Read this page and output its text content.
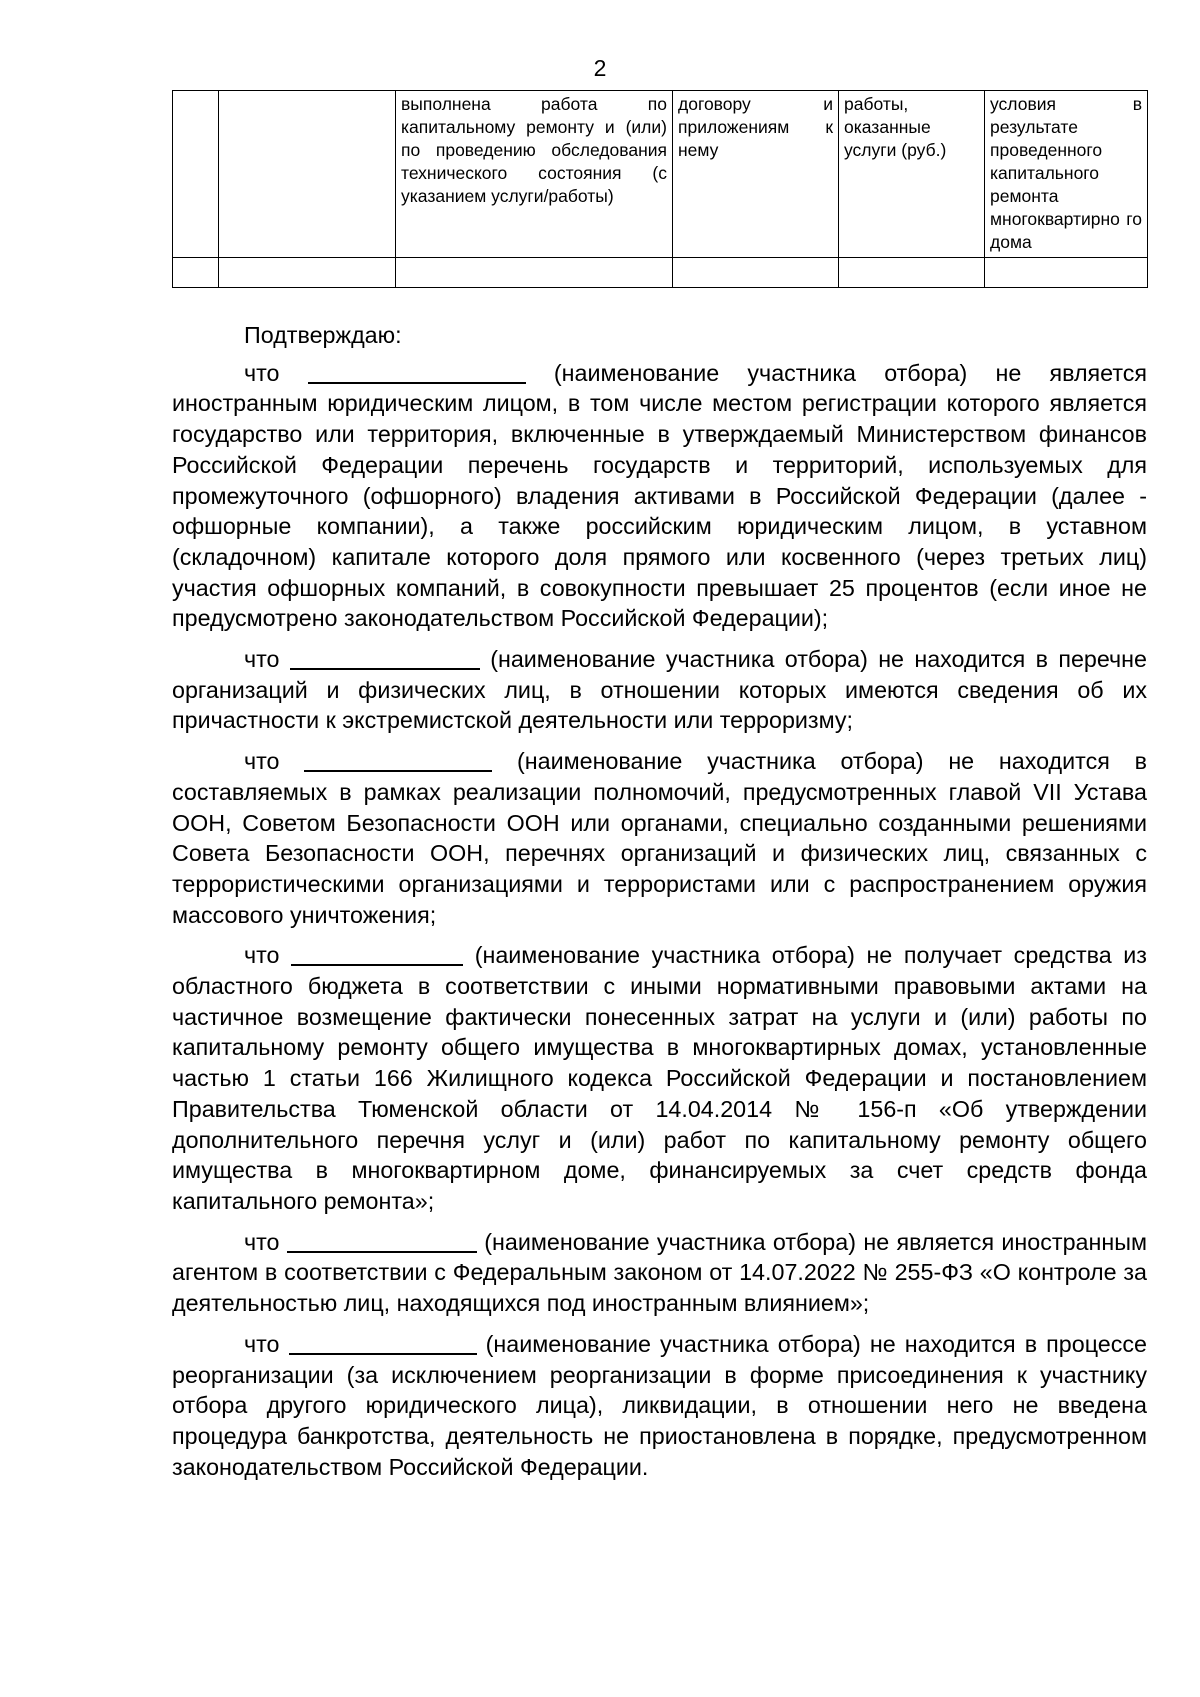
2
		выполнена работа по капитальному ремонту и (или) по проведению обследования технического состояния (с указанием услуги/работы)	договору и приложениям к нему	работы, оказанные услуги (руб.)	условия в результате проведенного капитального ремонта многоквартирно го дома

Подтверждаю:

что	(наименование участника отбора) не является иностранным юридическим лицом, в том числе местом регистрации которого является государство или территория, включенные в утверждаемый Министерством финансов Российской Федерации перечень государств и территорий, используемых для промежуточного (офшорного) владения активами в Российской Федерации (далее - офшорные компании), а также российским юридическим лицом, в уставном (складочном) капитале которого доля прямого или косвенного (через третьих лиц) участия офшорных компаний, в совокупности превышает 25 процентов (если иное не предусмотрено законодательством Российской Федерации);

что	(наименование участника отбора) не находится в перечне организаций и физических лиц, в отношении которых имеются сведения об их причастности к экстремистской деятельности или терроризму;

что	(наименование участника отбора) не находится в составляемых в рамках реализации полномочий, предусмотренных главой VII Устава ООН, Советом Безопасности ООН или органами, специально созданными решениями Совета Безопасности ООН, перечнях организаций и физических лиц, связанных с террористическими организациями и террористами или с распространением оружия массового уничтожения;

что	(наименование участника отбора) не получает средства из областного бюджета в соответствии с иными нормативными правовыми актами на частичное возмещение фактически понесенных затрат на услуги и (или) работы по капитальному ремонту общего имущества в многоквартирных домах, установленные частью 1 статьи 166 Жилищного кодекса Российской Федерации и постановлением Правительства Тюменской области от 14.04.2014 № 156-п «Об утверждении дополнительного перечня услуг и (или) работ по капитальному ремонту общего имущества в многоквартирном доме, финансируемых за счет средств фонда капитального ремонта»;

что	(наименование участника отбора) не является иностранным агентом в соответствии с Федеральным законом от 14.07.2022 № 255-ФЗ «О контроле за деятельностью лиц, находящихся под иностранным влиянием»;

что	(наименование участника отбора) не находится в процессе реорганизации (за исключением реорганизации в форме присоединения к участнику отбора другого юридического лица), ликвидации, в отношении него не введена процедура банкротства, деятельность не приостановлена в порядке, предусмотренном законодательством Российской Федерации.
